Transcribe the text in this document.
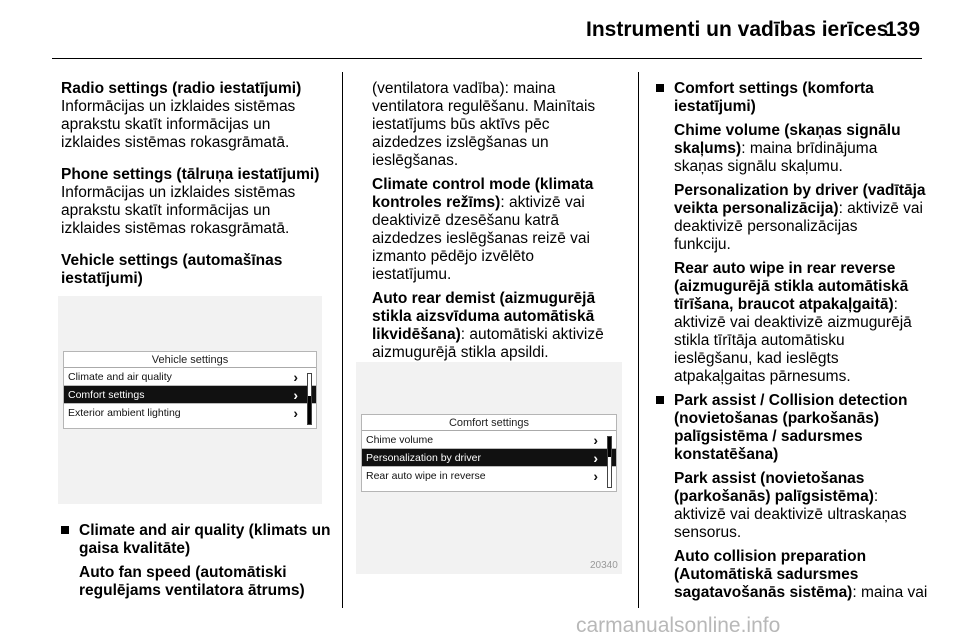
Instrumenti un vadības ierīces
139

Radio settings (radio iestatījumi)

Informācijas un izklaides sistēmas

aprakstu skatīt informācijas un

izklaides sistēmas rokasgrāmatā.

Phone settings (tālruņa iestatījumi)

Informācijas un izklaides sistēmas

aprakstu skatīt informācijas un

izklaides sistēmas rokasgrāmatā.

Vehicle settings (automašīnas

iestatījumi)

Vehicle settings
Climate and air quality	›
Comfort settings	›
Exterior ambient lighting	›

Climate and air quality (klimats un

gaisa kvalitāte)

Auto fan speed (automātiski

regulējams ventilatora ātrums)

(ventilatora vadība): maina

ventilatora regulēšanu. Mainītais

iestatījums būs aktīvs pēc

aizdedzes izslēgšanas un

ieslēgšanas.

Climate control mode (klimata

kontroles režīms): aktivizē vai

deaktivizē dzesēšanu katrā

aizdedzes ieslēgšanas reizē vai

izmanto pēdējo izvēlēto

iestatījumu.

Auto rear demist (aizmugurējā

stikla aizsvīduma automātiskā

likvidēšana): automātiski aktivizē

aizmugurējā stikla apsildi.

Comfort settings
Chime volume	›
Personalization by driver	›
Rear auto wipe in reverse	›
20340

Comfort settings (komforta

iestatījumi)

Chime volume (skaņas signālu

skaļums): maina brīdinājuma

skaņas signālu skaļumu.

Personalization by driver (vadītāja

veikta personalizācija): aktivizē vai

deaktivizē personalizācijas

funkciju.

Rear auto wipe in rear reverse

(aizmugurējā stikla automātiskā

tīrīšana, braucot atpakaļgaitā):

aktivizē vai deaktivizē aizmugurējā

stikla tīrītāja automātisku

ieslēgšanu, kad ieslēgts

atpakaļgaitas pārnesums.

Park assist / Collision detection

(novietošanas (parkošanās)

palīgsistēma / sadursmes

konstatēšana)

Park assist (novietošanas

(parkošanās) palīgsistēma):

aktivizē vai deaktivizē ultraskaņas

sensorus.

Auto collision preparation

(Automātiskā sadursmes

sagatavošanās sistēma): maina vai

carmanualsonline.info
